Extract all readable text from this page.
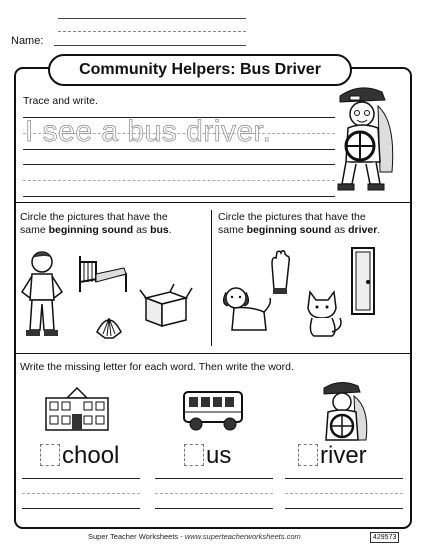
Name:
Community Helpers: Bus Driver
Trace and write.
I see a bus driver.
Circle the pictures that have the
same beginning sound as bus.
Circle the pictures that have the
same beginning sound as driver.
Write the missing letter for each word. Then write the word.
chool	us	river
Super Teacher Worksheets - www.superteacherworksheets.com	429573
